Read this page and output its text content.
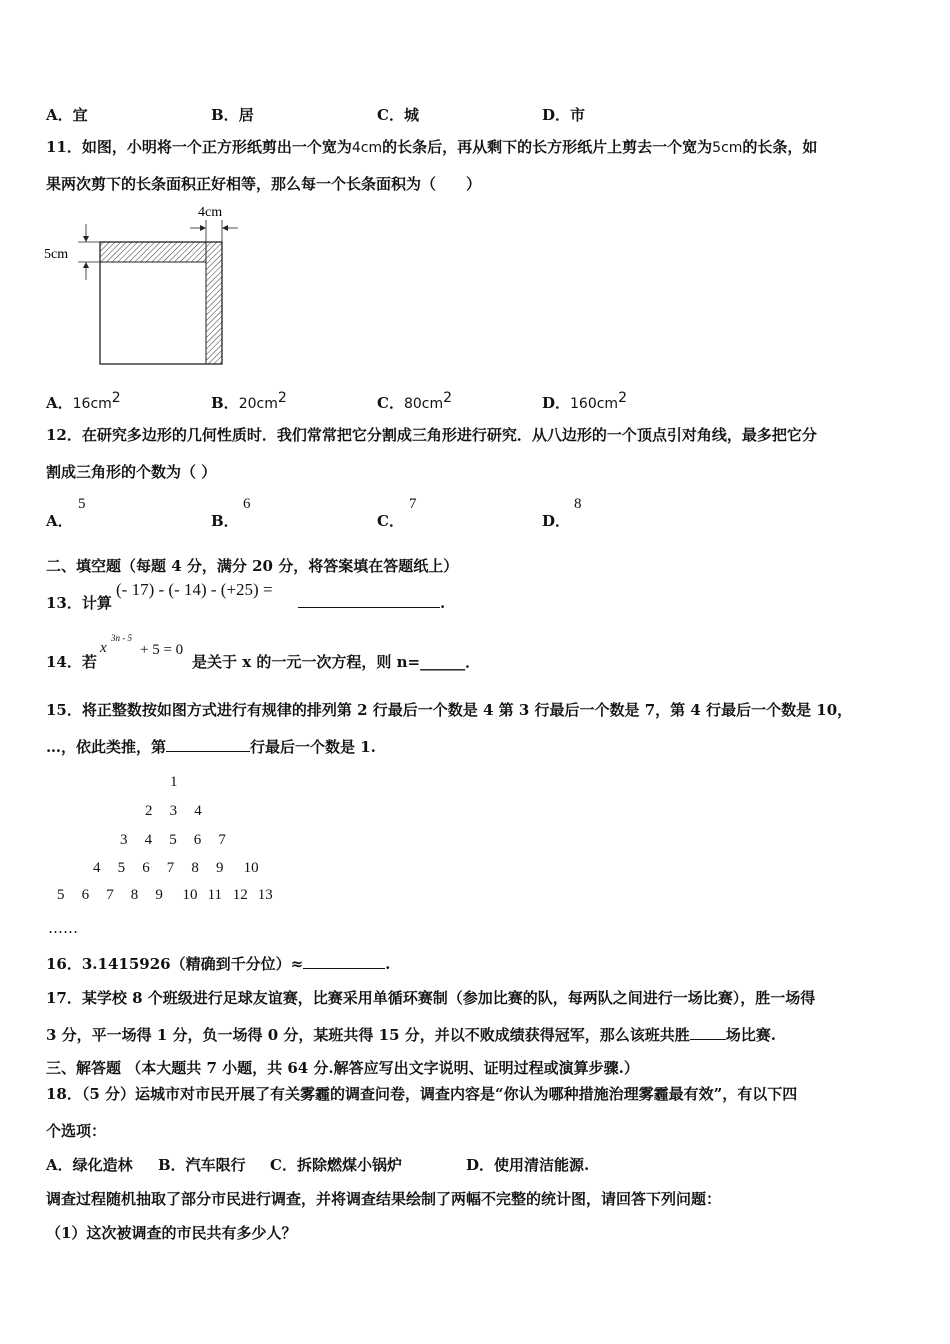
A．宜	B．居	C．城	D．市
11．如图，小明将一个正方形纸剪出一个宽为4cm的长条后，再从剩下的长方形纸片上剪去一个宽为5cm的长条，如
果两次剪下的长条面积正好相等，那么每一个长条面积为（　　）
4cm
5cm
A．$16cm^2$	B．$20cm^2$	C．$80cm^2$	D．$160cm^2$
12．在研究多边形的几何性质时．我们常常把它分割成三角形进行研究．从八边形的一个顶点引对角线，最多把它分
割成三角形的个数为（ ）
A．
5
B．
6
C．
7
D．
8
二、填空题（每题 4 分，满分 20 分，将答案填在答题纸上）
13．计算
(- 17) - (- 14) - (+25) =
.
14．若
x
3n - 5
+ 5 = 0
是关于 x 的一元一次方程，则 n=______．
15．将正整数按如图方式进行有规律的排列第 2 行最后一个数是 4 第 3 行最后一个数是 7，第 4 行最后一个数是 10，
…，依此类推，第	行最后一个数是 1.
1
2 3 4
3 4 5 6 7
4 5 6 7 8 9 10
5 6 7 8 9 10 11 12 13
……
16．3.1415926（精确到千分位）≈	.
17．某学校 8 个班级进行足球友谊赛，比赛采用单循环赛制（参加比赛的队，每两队之间进行一场比赛），胜一场得
3 分，平一场得 1 分，负一场得 0 分，某班共得 15 分，并以不败成绩获得冠军，那么该班共胜 场比赛.
三、解答题 （本大题共 7 小题，共 64 分.解答应写出文字说明、证明过程或演算步骤.）
18．（5 分）运城市对市民开展了有关雾霾的调查问卷，调查内容是“你认为哪种措施治理雾霾最有效”，有以下四
个选项：
A．绿化造林 B．汽车限行 C．拆除燃煤小锅炉	D．使用清洁能源.
调查过程随机抽取了部分市民进行调查，并将调查结果绘制了两幅不完整的统计图，请回答下列问题：
（1）这次被调查的市民共有多少人？
